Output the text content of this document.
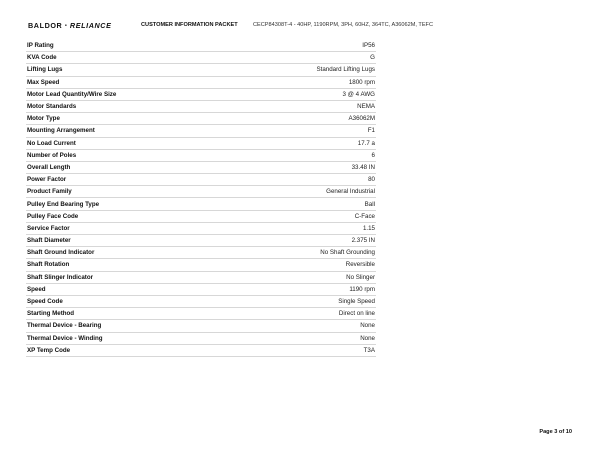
BALDOR • RELIANCE	CUSTOMER INFORMATION PACKET	CECP84308T-4 - 40HP, 1190RPM, 3PH, 60HZ, 364TC, A36062M, TEFC
IP Rating	IP56
KVA Code	G
Lifting Lugs	Standard Lifting Lugs
Max Speed	1800 rpm
Motor Lead Quantity/Wire Size	3 @ 4 AWG
Motor Standards	NEMA
Motor Type	A36062M
Mounting Arrangement	F1
No Load Current	17.7 a
Number of Poles	6
Overall Length	33.48 IN
Power Factor	80
Product Family	General Industrial
Pulley End Bearing Type	Ball
Pulley Face Code	C-Face
Service Factor	1.15
Shaft Diameter	2.375 IN
Shaft Ground Indicator	No Shaft Grounding
Shaft Rotation	Reversible
Shaft Slinger Indicator	No Slinger
Speed	1190 rpm
Speed Code	Single Speed
Starting Method	Direct on line
Thermal Device - Bearing	None
Thermal Device - Winding	None
XP Temp Code	T3A
Page 3 of 10
